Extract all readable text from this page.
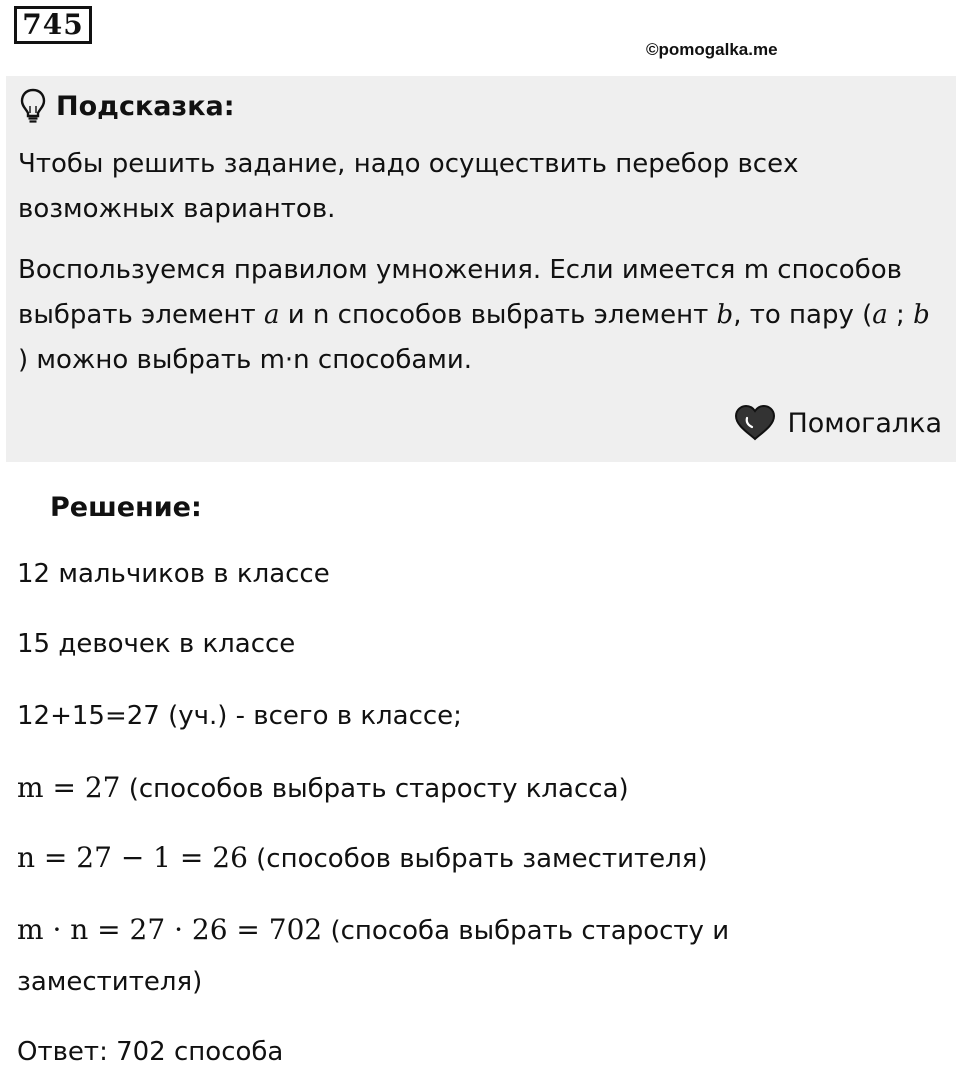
745
©pomogalka.me
Подсказка:

Чтобы решить задание, надо осуществить перебор всех возможных вариантов.

Воспользуемся правилом умножения. Если имеется m способов выбрать элемент a и n способов выбрать элемент b, то пару (a ; b ) можно выбрать m·n способами.

Помогалка
Решение:

12 мальчиков в классе

15 девочек в классе

12+15=27 (уч.) - всего в классе;

m = 27 (способов выбрать старосту класса)

n = 27 − 1 = 26 (способов выбрать заместителя)

m · n = 27 · 26 = 702 (способа выбрать старосту и

заместителя)

Ответ: 702 способа
